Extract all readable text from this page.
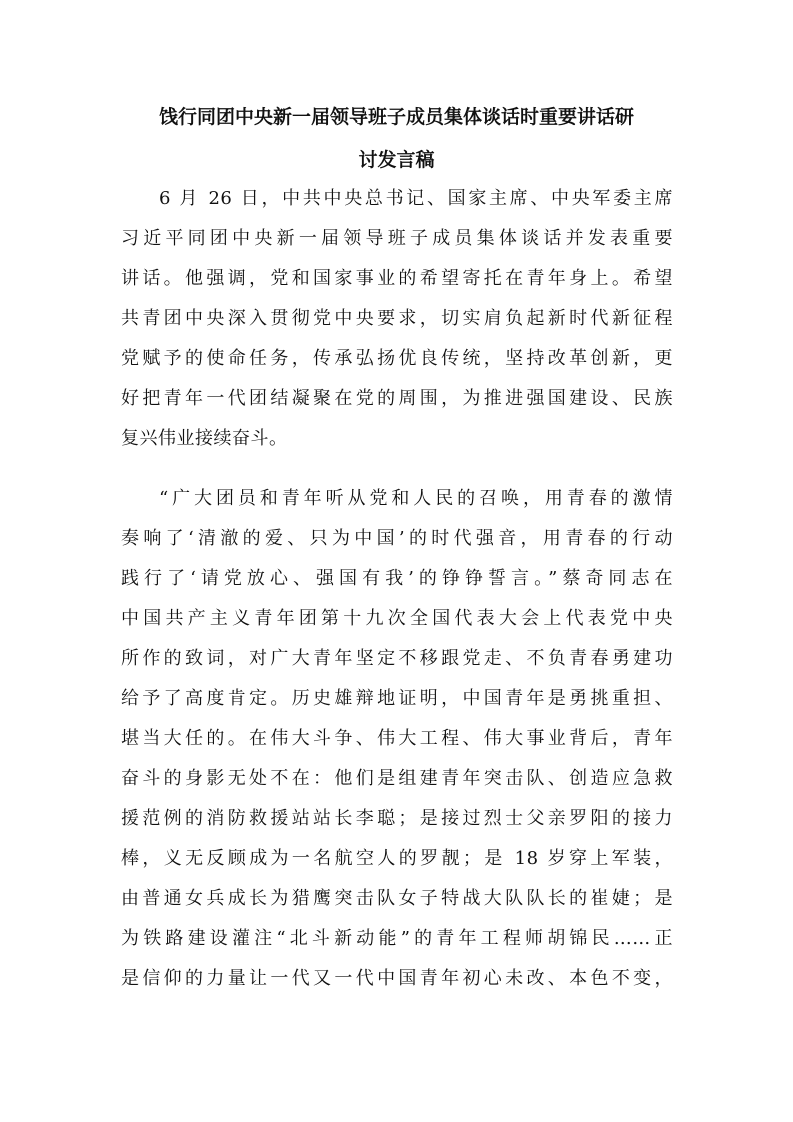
饯行同团中央新一届领导班子成员集体谈话时重要讲话研
讨发言稿
6 月 26 日，中共中央总书记、国家主席、中央军委主席
习近平同团中央新一届领导班子成员集体谈话并发表重要
讲话。他强调，党和国家事业的希望寄托在青年身上。希望
共青团中央深入贯彻党中央要求，切实肩负起新时代新征程
党赋予的使命任务，传承弘扬优良传统，坚持改革创新，更
好把青年一代团结凝聚在党的周围，为推进强国建设、民族
复兴伟业接续奋斗。
“广大团员和青年听从党和人民的召唤，用青春的激情
奏响了‘清澈的爱、只为中国’的时代强音，用青春的行动
践行了‘请党放心、强国有我’的铮铮誓言。”蔡奇同志在
中国共产主义青年团第十九次全国代表大会上代表党中央
所作的致词，对广大青年坚定不移跟党走、不负青春勇建功
给予了高度肯定。历史雄辩地证明，中国青年是勇挑重担、
堪当大任的。在伟大斗争、伟大工程、伟大事业背后，青年
奋斗的身影无处不在：他们是组建青年突击队、创造应急救
援范例的消防救援站站长李聪；是接过烈士父亲罗阳的接力
棒，义无反顾成为一名航空人的罗靓；是 18 岁穿上军装，
由普通女兵成长为猎鹰突击队女子特战大队队长的崔婕；是
为铁路建设灌注“北斗新动能”的青年工程师胡锦民……正
是信仰的力量让一代又一代中国青年初心未改、本色不变，
